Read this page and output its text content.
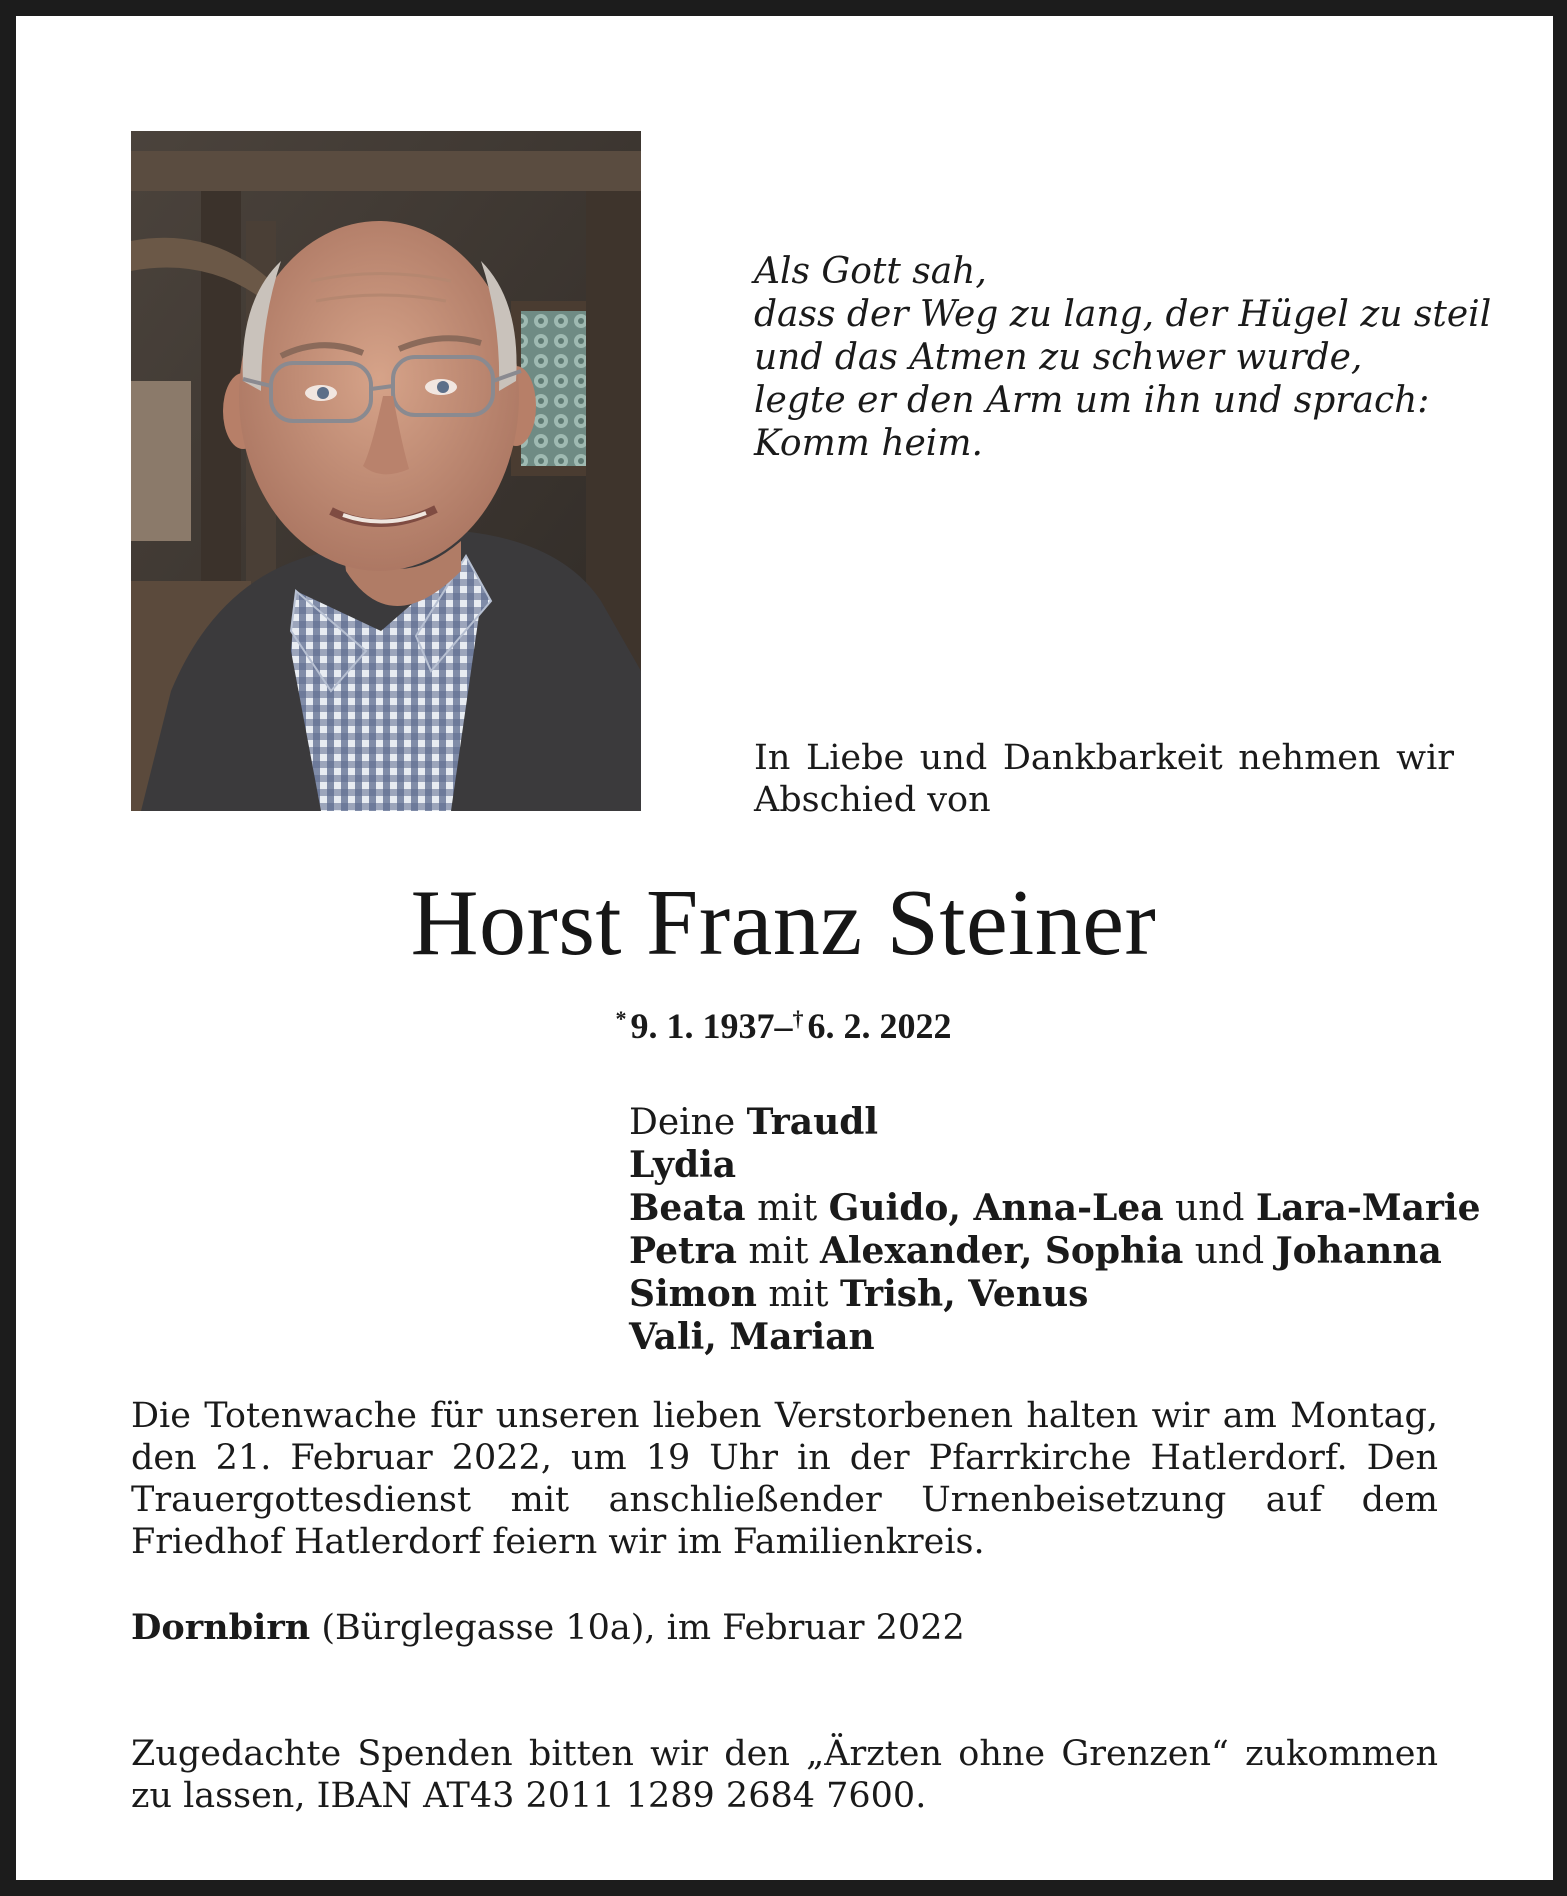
Als Gott sah,
dass der Weg zu lang, der Hügel zu steil
und das Atmen zu schwer wurde,
legte er den Arm um ihn und sprach:
Komm heim.
In Liebe und Dankbarkeit nehmen wir
Abschied von
Horst Franz Steiner
* 9. 1. 1937–† 6. 2. 2022
Deine Traudl
Lydia
Beata mit Guido, Anna-Lea und Lara-Marie
Petra mit Alexander, Sophia und Johanna
Simon mit Trish, Venus
Vali, Marian
Die Totenwache für unseren lieben Verstorbenen halten wir am Montag, den 21. Februar 2022, um 19 Uhr in der Pfarrkirche Hatlerdorf. Den Trauergottesdienst mit anschließender Urnenbeisetzung auf dem Friedhof Hatlerdorf feiern wir im Familienkreis.
Dornbirn (Bürglegasse 10a), im Februar 2022
Zugedachte Spenden bitten wir den „Ärzten ohne Grenzen“ zukommen zu lassen, IBAN AT43 2011 1289 2684 7600.
